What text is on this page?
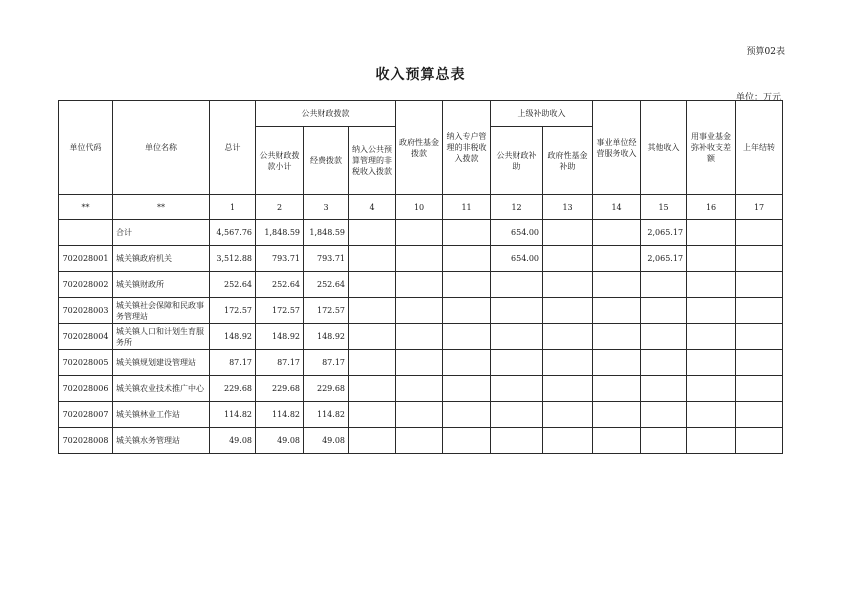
预算02表
收入预算总表
单位：万元
单位代码	单位名称	总计	公共财政拨款			政府性基金拨款	纳入专户管理的非税收入拨款	上级补助收入		事业单位经营服务收入	其他收入	用事业基金弥补收支差额	上年结转
			公共财政拨款小计	经费拨款	纳入公共预算管理的非税收入拨款			公共财政补助	政府性基金补助				
**	**	1	2	3	4	10	11	12	13	14	15	16	17
	合计	4,567.76	1,848.59	1,848.59				654.00			2,065.17		
702028001	城关镇政府机关	3,512.88	793.71	793.71				654.00			2,065.17		
702028002	城关镇财政所	252.64	252.64	252.64									
702028003	城关镇社会保障和民政事务管理站	172.57	172.57	172.57									
702028004	城关镇人口和计划生育服务所	148.92	148.92	148.92									
702028005	城关镇规划建设管理站	87.17	87.17	87.17									
702028006	城关镇农业技术推广中心	229.68	229.68	229.68									
702028007	城关镇林业工作站	114.82	114.82	114.82									
702028008	城关镇水务管理站	49.08	49.08	49.08									
